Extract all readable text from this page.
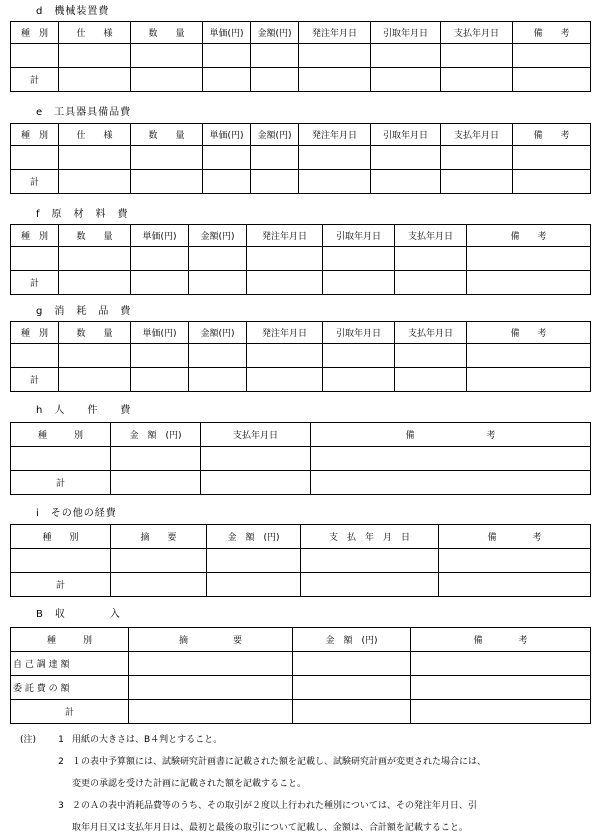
d　機械装置費
種　別	仕　　様	数　　量	単価(円)	金額(円)	発注年月日	引取年月日	支払年月日	備　　考

計								
e　工具器具備品費
種　別	仕　　様	数　　量	単価(円)	金額(円)	発注年月日	引取年月日	支払年月日	備　　考

計								
f　原　材　料　費
種　別	数　　量	単価(円)	金額(円)	発注年月日	引取年月日	支払年月日	備　　考

計							
g　消　耗　品　費
種　別	数　　量	単価(円)	金額(円)	発注年月日	引取年月日	支払年月日	備　　考

計							
h　人　　件　　費
種　　　別	金　額　(円)	支払年月日	備　　　　　　　　考

計			
i　その他の経費
種　　別	摘　　要	金　額　(円)	支　払　年　月　日	備　　　　考

計				
B　収　　　　入
種　　　別	摘　　　　　要	金　額　(円)	備　　　　考
自 己 調 達 額			
委 託 費 の 額			
計			
(注)	1 用紙の大きさは、B４判とすること。
2 １の表中予算額には、試験研究計画書に記載された額を記載し、試験研究計画が変更された場合には、
変更の承認を受けた計画に記載された額を記載すること。
3 ２のＡの表中消耗品費等のうち、その取引が２度以上行われた種別については、その発注年月日、引
取年月日又は支払年月日は、最初と最後の取引について記載し、金額は、合計額を記載すること。
